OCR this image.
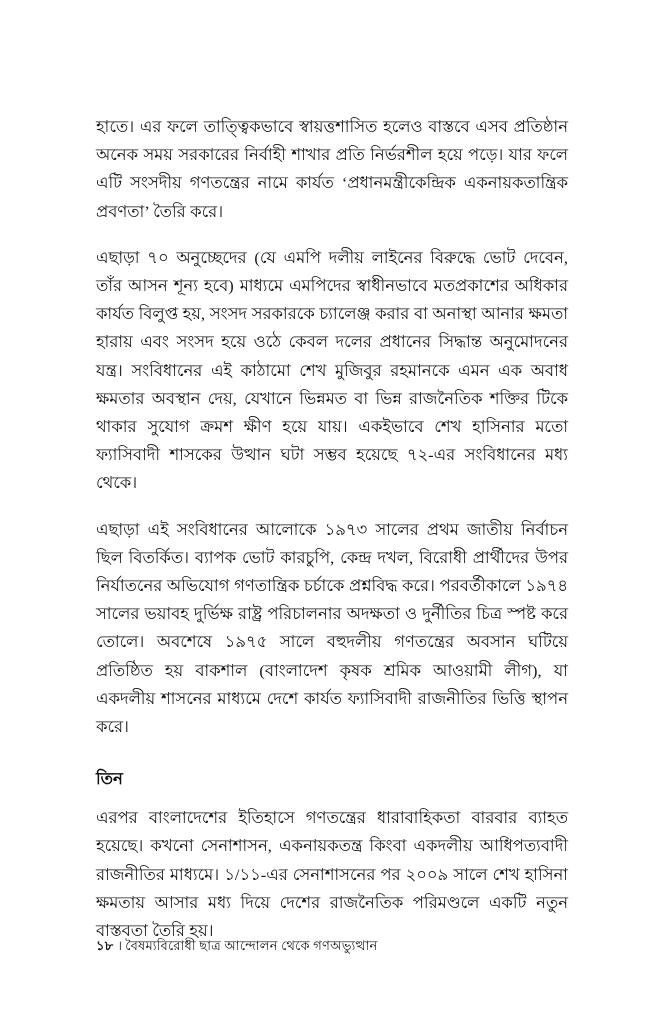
হাতে। এর ফলে তাত্ত্বিকভাবে স্বায়ত্তশাসিত হলেও বাস্তবে এসব প্রতিষ্ঠান অনেক সময় সরকারের নির্বাহী শাখার প্রতি নির্ভরশীল হয়ে পড়ে। যার ফলে এটি সংসদীয় গণতন্ত্রের নামে কার্যত ‘প্রধানমন্ত্রীকেন্দ্রিক একনায়কতান্ত্রিক প্রবণতা’ তৈরি করে।

এছাড়া ৭০ অনুচ্ছেদের (যে এমপি দলীয় লাইনের বিরুদ্ধে ভোট দেবেন, তাঁর আসন শূন্য হবে) মাধ্যমে এমপিদের স্বাধীনভাবে মতপ্রকাশের অধিকার কার্যত বিলুপ্ত হয়, সংসদ সরকারকে চ্যালেঞ্জ করার বা অনাস্থা আনার ক্ষমতা হারায় এবং সংসদ হয়ে ওঠে কেবল দলের প্রধানের সিদ্ধান্ত অনুমোদনের যন্ত্র। সংবিধানের এই কাঠামো শেখ মুজিবুর রহমানকে এমন এক অবাধ ক্ষমতার অবস্থান দেয়, যেখানে ভিন্নমত বা ভিন্ন রাজনৈতিক শক্তির টিকে থাকার সুযোগ ক্রমশ ক্ষীণ হয়ে যায়। একইভাবে শেখ হাসিনার মতো ফ্যাসিবাদী শাসকের উত্থান ঘটা সম্ভব হয়েছে ৭২-এর সংবিধানের মধ্য থেকে।

এছাড়া এই সংবিধানের আলোকে ১৯৭৩ সালের প্রথম জাতীয় নির্বাচন ছিল বিতর্কিত। ব্যাপক ভোট কারচুপি, কেন্দ্র দখল, বিরোধী প্রার্থীদের উপর নির্যাতনের অভিযোগ গণতান্ত্রিক চর্চাকে প্রশ্নবিদ্ধ করে। পরবর্তীকালে ১৯৭৪ সালের ভয়াবহ দুর্ভিক্ষ রাষ্ট্র পরিচালনার অদক্ষতা ও দুর্নীতির চিত্র স্পষ্ট করে তোলে। অবশেষে ১৯৭৫ সালে বহুদলীয় গণতন্ত্রের অবসান ঘটিয়ে প্রতিষ্ঠিত হয় বাকশাল (বাংলাদেশ কৃষক শ্রমিক আওয়ামী লীগ), যা একদলীয় শাসনের মাধ্যমে দেশে কার্যত ফ্যাসিবাদী রাজনীতির ভিত্তি স্থাপন করে।

তিন

এরপর বাংলাদেশের ইতিহাসে গণতন্ত্রের ধারাবাহিকতা বারবার ব্যাহত হয়েছে। কখনো সেনাশাসন, একনায়কতন্ত্র কিংবা একদলীয় আধিপত্যবাদী রাজনীতির মাধ্যমে। ১/১১-এর সেনাশাসনের পর ২০০৯ সালে শেখ হাসিনা ক্ষমতায় আসার মধ্য দিয়ে দেশের রাজনৈতিক পরিমণ্ডলে একটি নতুন বাস্তবতা তৈরি হয়।

১৮ । বৈষম্যবিরোধী ছাত্র আন্দোলন থেকে গণঅভ্যুত্থান
